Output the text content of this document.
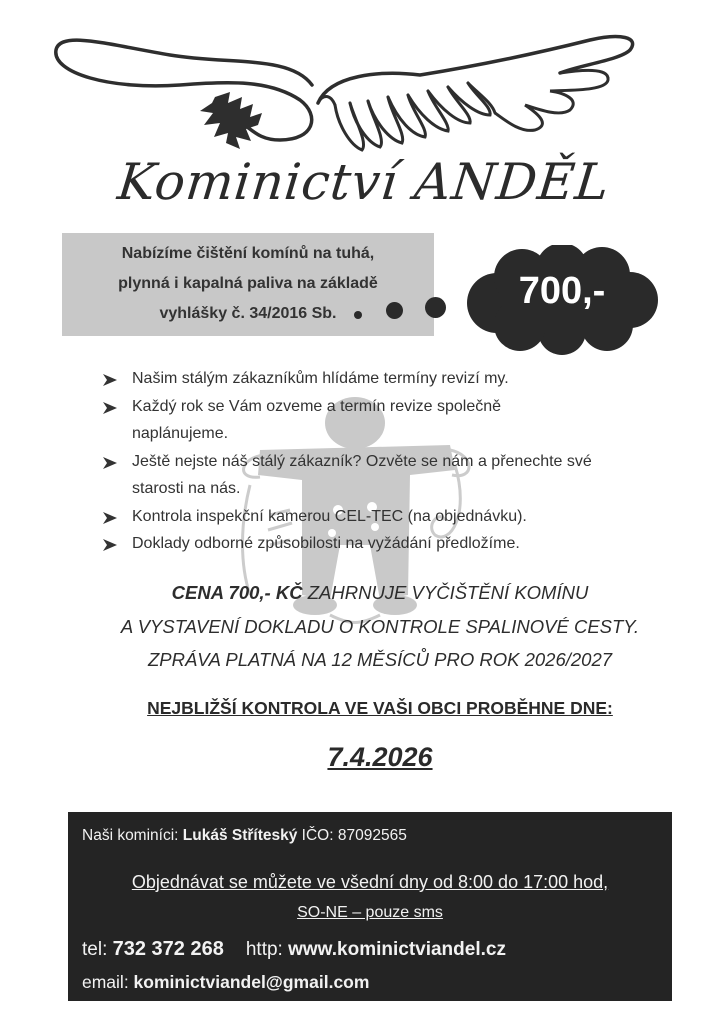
Kominictví ANDĚL
Nabízíme čištění komínů na tuhá,
plynná i kapalná paliva na základě
vyhlášky č. 34/2016 Sb.
700,-
Našim stálým zákazníkům hlídáme termíny revizí my.
Každý rok se Vám ozveme a termín revize společně
naplánujeme.
Ještě nejste náš stálý zákazník? Ozvěte se nám a přenechte své
starosti na nás.
Kontrola inspekční kamerou CEL-TEC (na objednávku).
Doklady odborné způsobilosti na vyžádání předložíme.
CENA 700,- KČ ZAHRNUJE VYČIŠTĚNÍ KOMÍNU
A VYSTAVENÍ DOKLADU O KONTROLE SPALINOVÉ CESTY.
ZPRÁVA PLATNÁ NA 12 MĚSÍCŮ PRO ROK 2026/2027
NEJBLIŽŠÍ KONTROLA VE VAŠI OBCI PROBĚHNE DNE:
7.4.2026
Naši kominíci: Lukáš Stříteský IČO: 87092565
Objednávat se můžete ve všední dny od 8:00 do 17:00 hod,
SO-NE – pouze sms
tel: 732 372 268 http: www.kominictviandel.cz
email: kominictviandel@gmail.com
